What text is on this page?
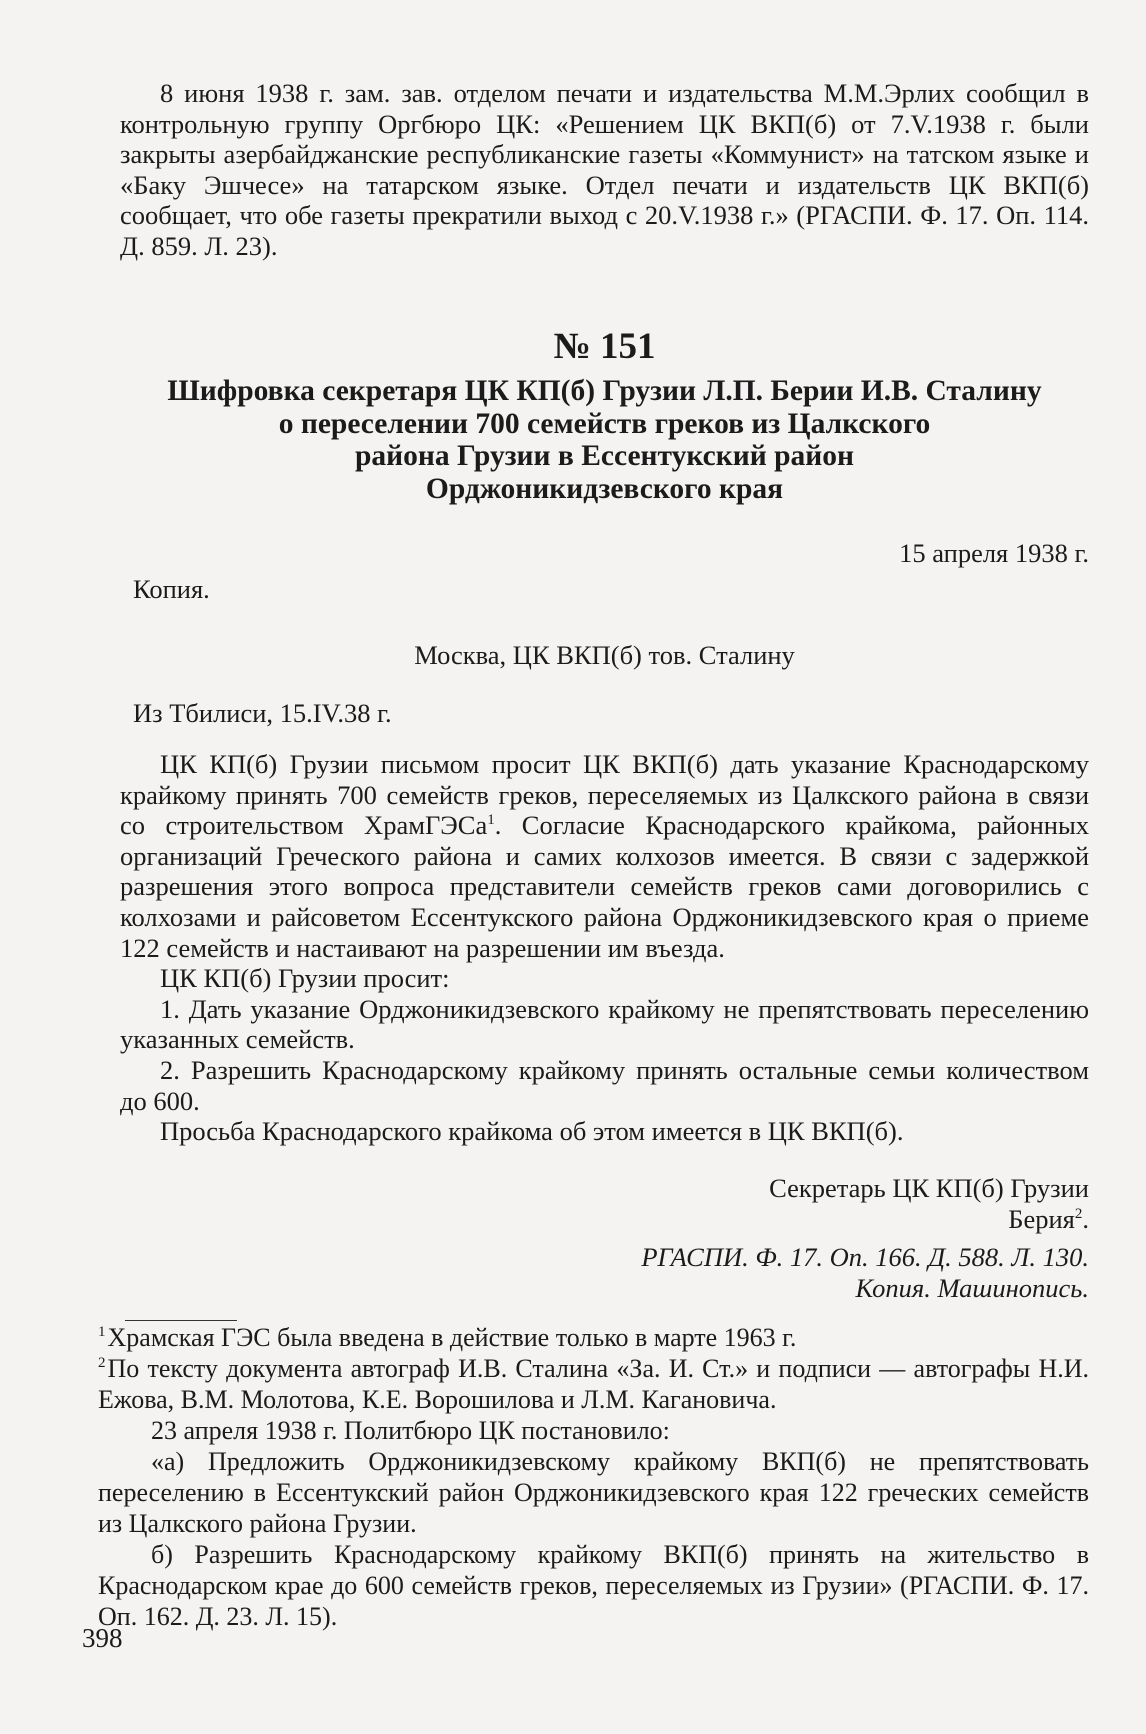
8 июня 1938 г. зам. зав. отделом печати и издательства М.М.Эрлих сообщил в контрольную группу Оргбюро ЦК: «Решением ЦК ВКП(б) от 7.V.1938 г. были закрыты азербайджанские республиканские газеты «Коммунист» на татском языке и «Баку Эшчесе» на татарском языке. Отдел печати и издательств ЦК ВКП(б) сообщает, что обе газеты прекратили выход с 20.V.1938 г.» (РГАСПИ. Ф. 17. Оп. 114. Д. 859. Л. 23).

№ 151

Шифровка секретаря ЦК КП(б) Грузии Л.П. Берии И.В. Сталину

о переселении 700 семейств греков из Цалкского

района Грузии в Ессентукский район

Орджоникидзевского края

15 апреля 1938 г.

Копия.

Москва, ЦК ВКП(б) тов. Сталину

Из Тбилиси, 15.IV.38 г.

ЦК КП(б) Грузии письмом просит ЦК ВКП(б) дать указание Краснодарскому крайкому принять 700 семейств греков, переселяемых из Цалкского района в связи со строительством ХрамГЭСа$^1$. Согласие Краснодарского крайкома, районных организаций Греческого района и самих колхозов имеется. В связи с задержкой разрешения этого вопроса представители семейств греков сами договорились с колхозами и райсоветом Ессентукского района Орджоникидзевского края о приеме 122 семейств и настаивают на разрешении им въезда.

ЦК КП(б) Грузии просит:

1. Дать указание Орджоникидзевского крайкому не препятствовать переселению указанных семейств.

2. Разрешить Краснодарскому крайкому принять остальные семьи количеством до 600.

Просьба Краснодарского крайкома об этом имеется в ЦК ВКП(б).

Секретарь ЦК КП(б) Грузии

Берия$^2$.

РГАСПИ. Ф. 17. Оп. 166. Д. 588. Л. 130.

Копия. Машинопись.

$^1$Храмская ГЭС была введена в действие только в марте 1963 г.

$^2$По тексту документа автограф И.В. Сталина «За. И. Ст.» и подписи — автографы Н.И. Ежова, В.М. Молотова, К.Е. Ворошилова и Л.М. Кагановича.

23 апреля 1938 г. Политбюро ЦК постановило:

«а) Предложить Орджоникидзевскому крайкому ВКП(б) не препятствовать переселению в Ессентукский район Орджоникидзевского края 122 греческих семейств из Цалкского района Грузии.

б) Разрешить Краснодарскому крайкому ВКП(б) принять на жительство в Краснодарском крае до 600 семейств греков, переселяемых из Грузии» (РГАСПИ. Ф. 17. Оп. 162. Д. 23. Л. 15).

398
